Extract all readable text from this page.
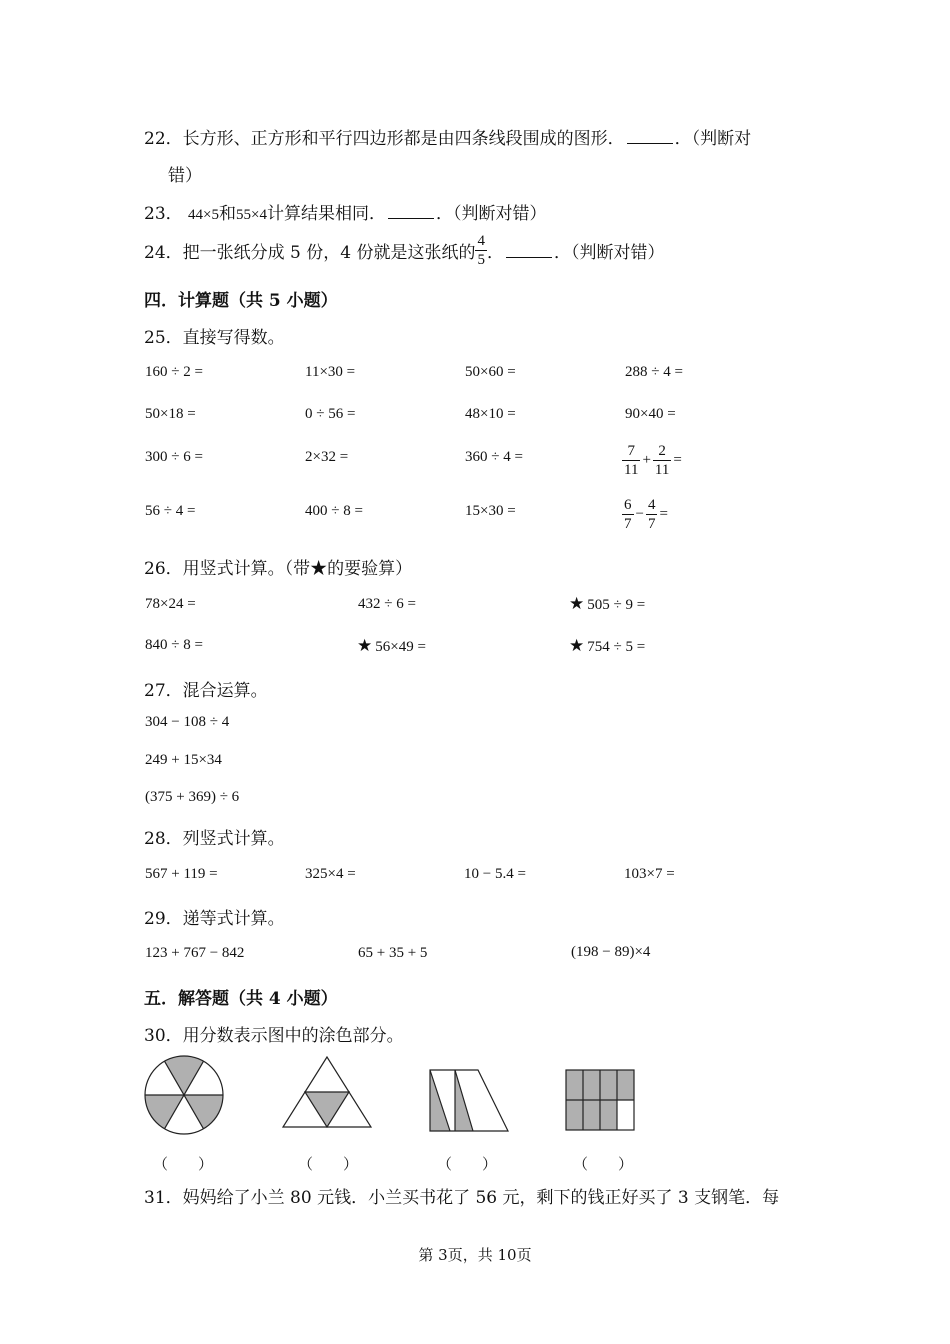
22．长方形、正方形和平行四边形都是由四条线段围成的图形．	．（判断对
错）
23． 44×5和55×4计算结果相同．	．（判断对错）
24．把一张纸分成 5 份，4 份就是这张纸的 $\frac{4}{5}$ ．	．（判断对错）
四．计算题（共 5 小题）
25．直接写得数。
160 ÷ 2 =	11×30 =	50×60 =	288 ÷ 4 =
50×18 =	0 ÷ 56 =	48×10 =	90×40 =
300 ÷ 6 =	2×32 =	360 ÷ 4 =	$\frac{7}{11} + \frac{2}{11}$ =
56 ÷ 4 =	400 ÷ 8 =	15×30 =	$\frac{6}{7} - \frac{4}{7}$ =
26．用竖式计算。（带★的要验算）
78×24 =	432 ÷ 6 =	★ 505 ÷ 9 =
840 ÷ 8 =	★ 56×49 =	★ 754 ÷ 5 =
27．混合运算。
304 − 108 ÷ 4
249 + 15×34
(375 + 369) ÷ 6
28．列竖式计算。
567 + 119 =	325×4 =	10 − 5.4 =	103×7 =
29．递等式计算。
123 + 767 − 842	65 + 35 + 5	(198 − 89)×4
五．解答题（共 4 小题）
30．用分数表示图中的涂色部分。
（　　）	（　　）	（　　）	（　　）
31．妈妈给了小兰 80 元钱．小兰买书花了 56 元，剩下的钱正好买了 3 支钢笔．每
第 3页，共 10页
